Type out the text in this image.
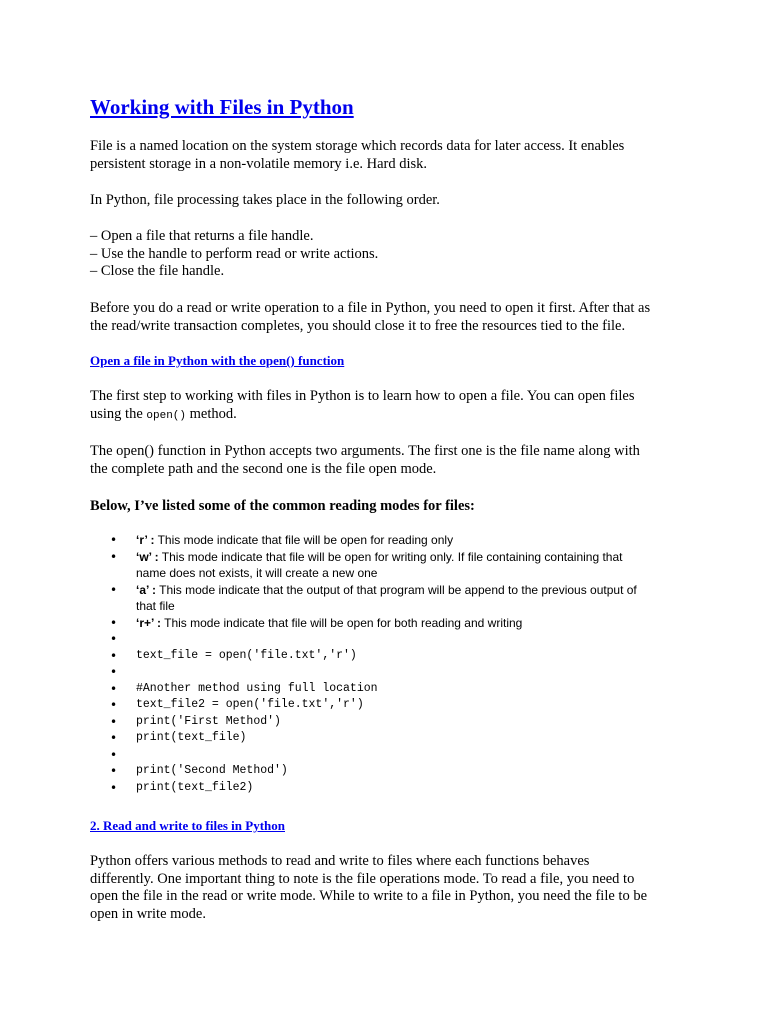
Working with Files in Python
File is a named location on the system storage which records data for later access. It enables
persistent storage in a non-volatile memory i.e. Hard disk.
In Python, file processing takes place in the following order.
– Open a file that returns a file handle.
– Use the handle to perform read or write actions.
– Close the file handle.
Before you do a read or write operation to a file in Python, you need to open it first. After that as
the read/write transaction completes, you should close it to free the resources tied to the file.
Open a file in Python with the open() function
The first step to working with files in Python is to learn how to open a file. You can open files
using the open() method.
The open() function in Python accepts two arguments. The first one is the file name along with
the complete path and the second one is the file open mode.
Below, I’ve listed some of the common reading modes for files:
• ‘r’ : This mode indicate that file will be open for reading only
• ‘w’ : This mode indicate that file will be open for writing only. If file containing containing that
name does not exists, it will create a new one
• ‘a’ : This mode indicate that the output of that program will be append to the previous output of
that file
• ‘r+’ : This mode indicate that file will be open for both reading and writing
•

• text_file = open('file.txt','r')
•

• #Another method using full location
• text_file2 = open('file.txt','r')
• print('First Method')
• print(text_file)
•

• print('Second Method')
• print(text_file2)
2. Read and write to files in Python
Python offers various methods to read and write to files where each functions behaves
differently. One important thing to note is the file operations mode. To read a file, you need to
open the file in the read or write mode. While to write to a file in Python, you need the file to be
open in write mode.
